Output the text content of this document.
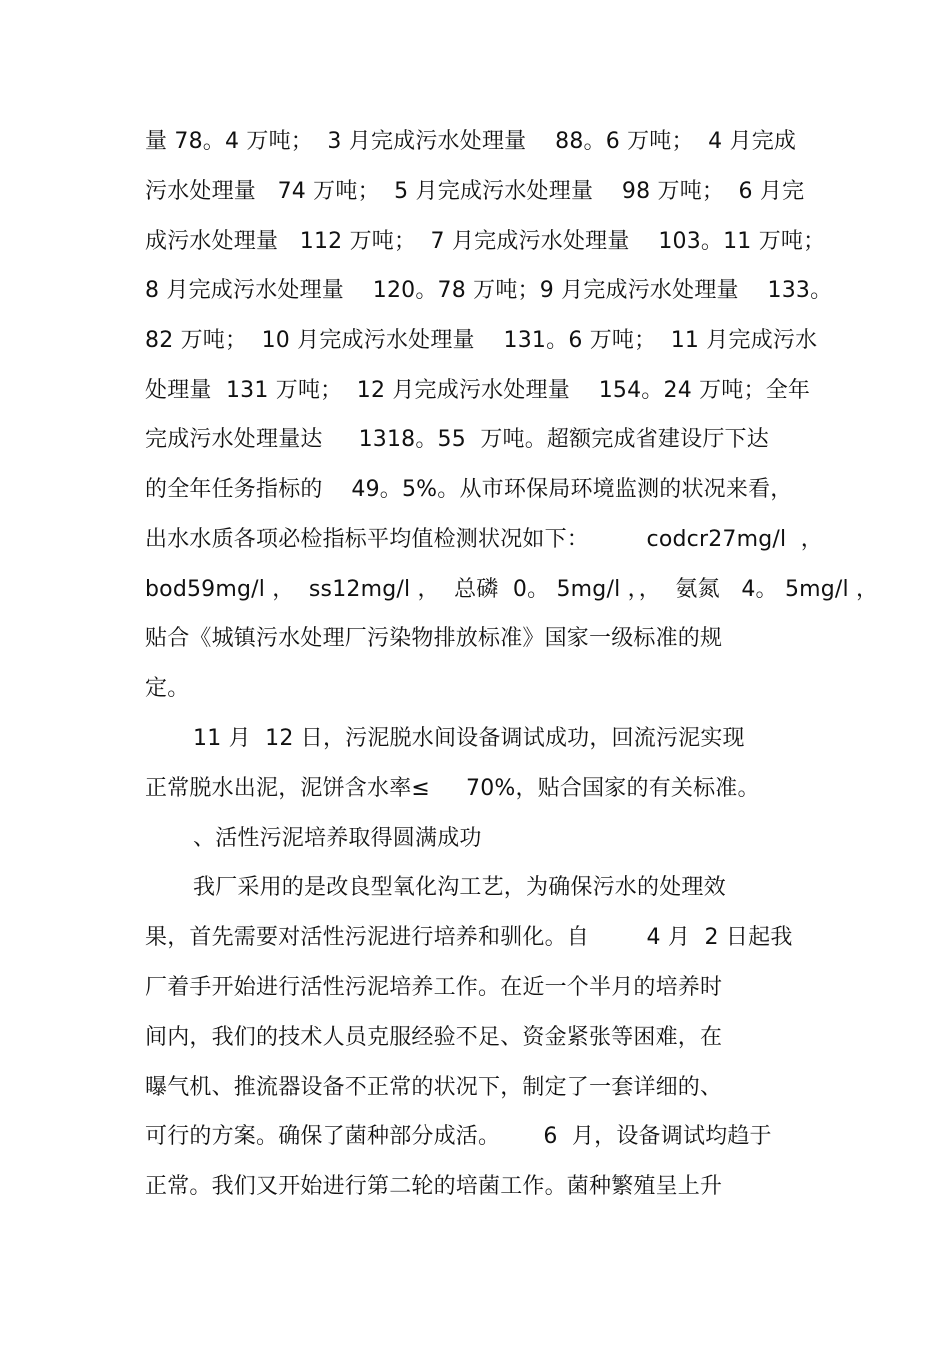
量 78。4 万吨；  3 月完成污水处理量    88。6 万吨；  4 月完成
污水处理量   74 万吨；  5 月完成污水处理量    98 万吨；  6 月完
成污水处理量   112 万吨；  7 月完成污水处理量    103。11 万吨；
8 月完成污水处理量    120。78 万吨；9 月完成污水处理量    133。
82 万吨；  10 月完成污水处理量    131。6 万吨；  11 月完成污水
处理量  131 万吨；  12 月完成污水处理量    154。24 万吨；全年
完成污水处理量达     1318。55  万吨。超额完成省建设厅下达
的全年任务指标的    49。5%。从市环保局环境监测的状况来看，
出水水质各项必检指标平均值检测状况如下：        codcr27mg/l  ，
bod59mg/l ，  ss12mg/l ，  总磷  0。 5mg/l ，，  氨氮   4。 5mg/l ，
贴合《城镇污水处理厂污染物排放标准》国家一级标准的规
定。
11 月  12 日，污泥脱水间设备调试成功，回流污泥实现
正常脱水出泥，泥饼含水率≤     70%，贴合国家的有关标准。
、活性污泥培养取得圆满成功
我厂采用的是改良型氧化沟工艺，为确保污水的处理效
果，首先需要对活性污泥进行培养和驯化。自        4 月  2 日起我
厂着手开始进行活性污泥培养工作。在近一个半月的培养时
间内，我们的技术人员克服经验不足、资金紧张等困难，在
曝气机、推流器设备不正常的状况下，制定了一套详细的、
可行的方案。确保了菌种部分成活。      6  月，设备调试均趋于
正常。我们又开始进行第二轮的培菌工作。菌种繁殖呈上升
